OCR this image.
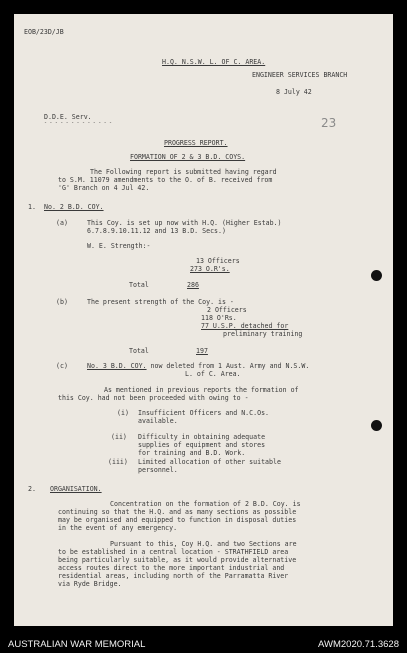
EOB/23D/JB
H.Q. N.S.W. L. OF C. AREA.
ENGINEER SERVICES BRANCH
8 July 42
D.D.E. Serv.
- - - - - - - - - - - - -	23
PROGRESS REPORT.
FORMATION OF 2 & 3 B.D. COYS.
The Following report is submitted having regard
to S.M. 11079 amendments to the O. of B. received from
'G' Branch on 4 Jul 42.
1. No. 2 B.D. COY.
(a)	This Coy. is set up now with H.Q. (Higher Estab.)
6.7.8.9.10.11.12 and 13 B.D. Secs.)
W. E. Strength:-
13 Officers
273 O.R's.
Total	286
(b)	The present strength of the Coy. is -
2 Officers
118 O'Rs.
77 U.S.P. detached for
preliminary training
Total	197
(c)	No. 3 B.D. COY. now deleted from 1 Aust. Army and N.S.W.
L. of C. Area.
As mentioned in previous reports the formation of
this Coy. had not been proceeded with owing to -
(i) Insufficient Officers and N.C.Os.
available.
(ii) Difficulty in obtaining adequate
supplies of equipment and stores
for training and B.D. Work.
(iii) Limited allocation of other suitable
personnel.
2. ORGANISATION.
Concentration on the formation of 2 B.D. Coy. is
continuing so that the H.Q. and as many sections as possible
may be organised and equipped to function in disposal duties
in the event of any emergency.
Pursuant to this, Coy H.Q. and two Sections are
to be established in a central location - STRATHFIELD area
being particularly suitable, as it would provide alternative
access routes direct to the more important industrial and
residential areas, including north of the Parramatta River
via Ryde Bridge.
AUSTRALIAN WAR MEMORIAL	AWM2020.71.3628
